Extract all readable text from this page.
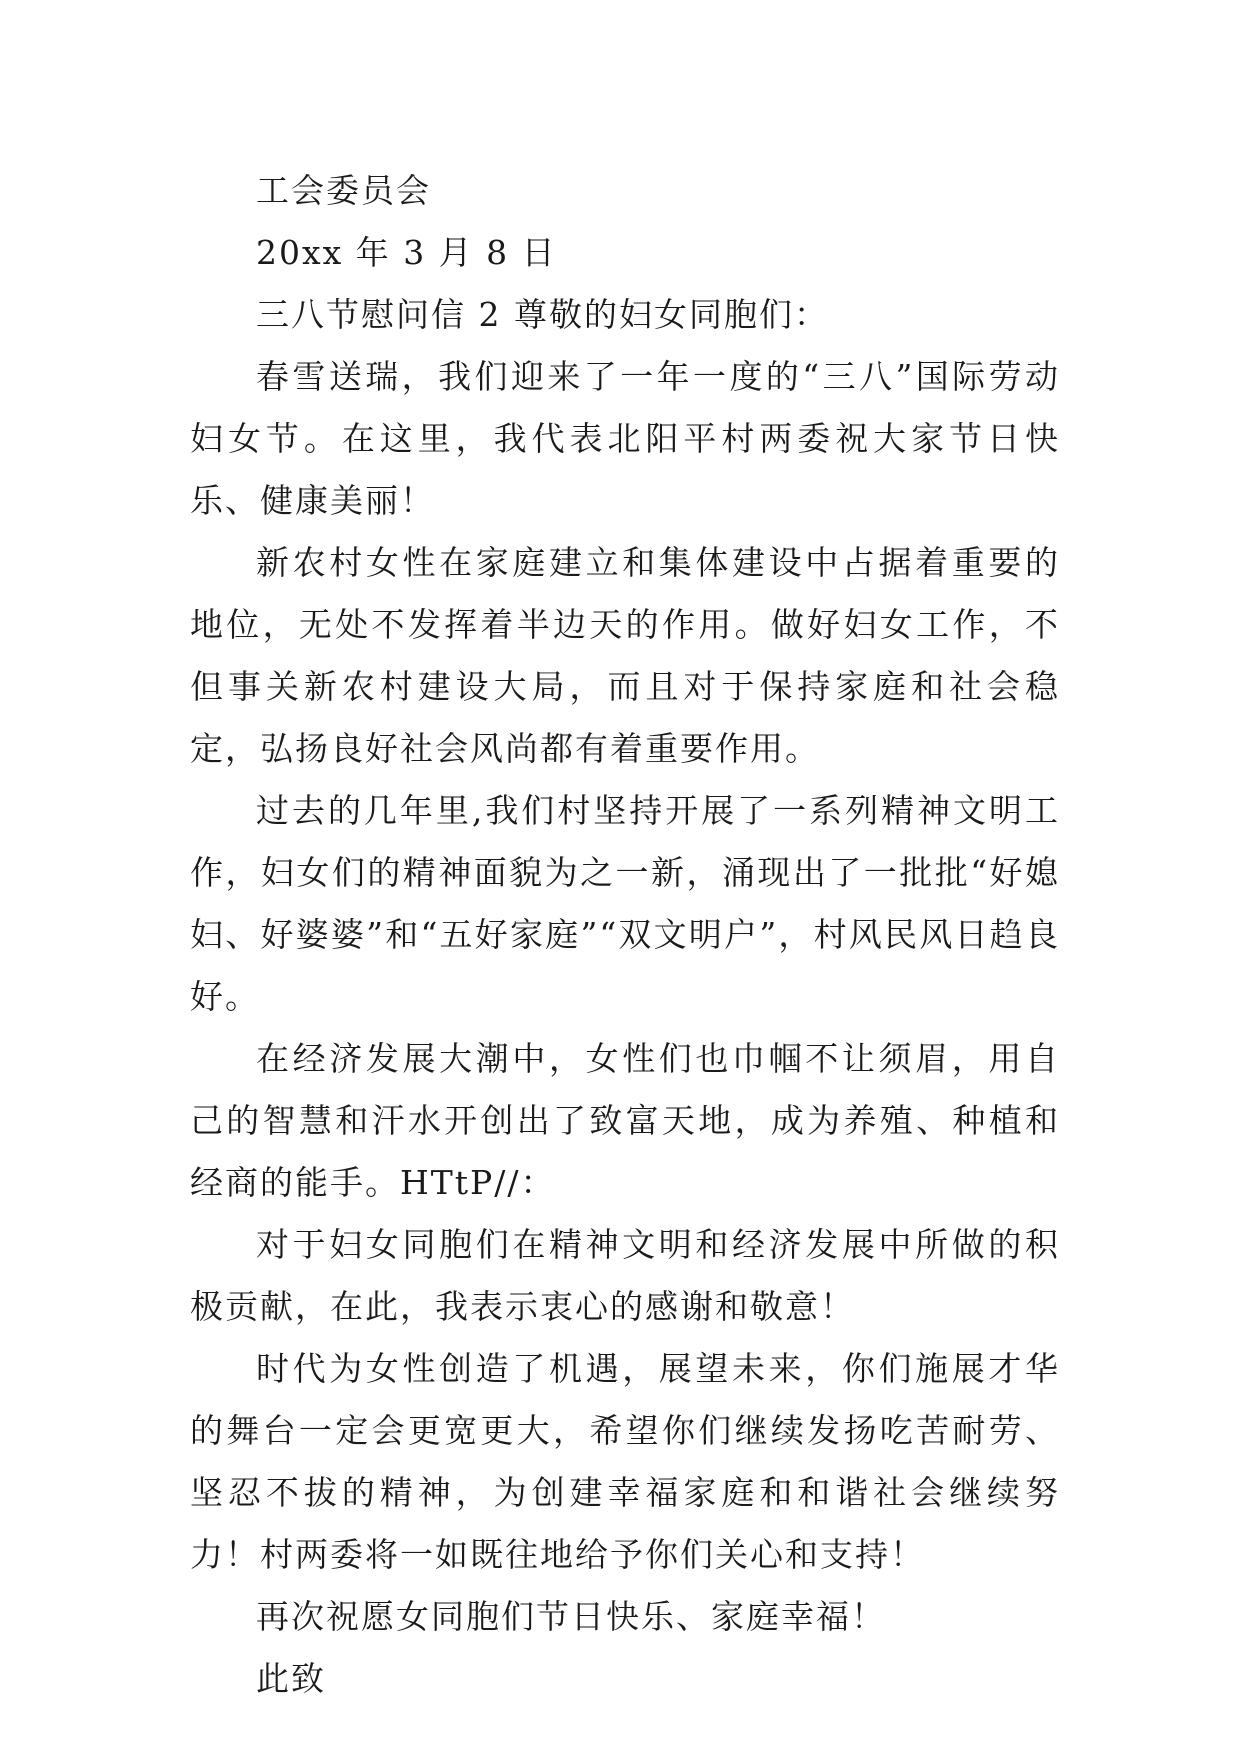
工会委员会

20xx 年 3 月 8 日

三八节慰问信 2 尊敬的妇女同胞们：

春雪送瑞，我们迎来了一年一度的“三八”国际劳动妇女节。在这里，我代表北阳平村两委祝大家节日快乐、健康美丽！

新农村女性在家庭建立和集体建设中占据着重要的地位，无处不发挥着半边天的作用。做好妇女工作，不但事关新农村建设大局，而且对于保持家庭和社会稳定，弘扬良好社会风尚都有着重要作用。

过去的几年里,我们村坚持开展了一系列精神文明工作，妇女们的精神面貌为之一新，涌现出了一批批“好媳妇、好婆婆”和“五好家庭”“双文明户”，村风民风日趋良好。

在经济发展大潮中，女性们也巾帼不让须眉，用自己的智慧和汗水开创出了致富天地，成为养殖、种植和经商的能手。HTtP//：

对于妇女同胞们在精神文明和经济发展中所做的积极贡献，在此，我表示衷心的感谢和敬意！

时代为女性创造了机遇，展望未来，你们施展才华的舞台一定会更宽更大，希望你们继续发扬吃苦耐劳、坚忍不拔的精神，为创建幸福家庭和和谐社会继续努力！村两委将一如既往地给予你们关心和支持！

再次祝愿女同胞们节日快乐、家庭幸福！

此致
